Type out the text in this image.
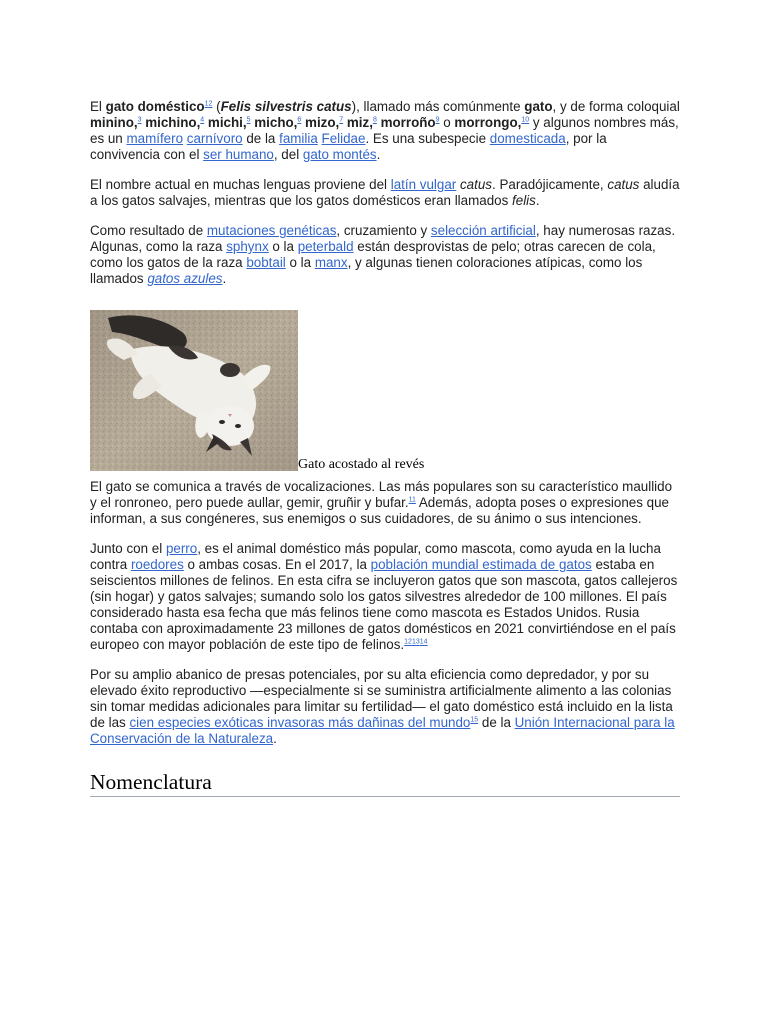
El gato doméstico$^{12}$ (Felis silvestris catus), llamado más comúnmente gato, y de forma coloquial minino,$^3$ michino,$^4$ michi,$^5$ micho,$^6$ mizo,$^7$ miz,$^8$ morroño$^9$ o morrongo,$^{10}$ y algunos nombres más, es un mamífero carnívoro de la familia Felidae. Es una subespecie domesticada, por la convivencia con el ser humano, del gato montés.

El nombre actual en muchas lenguas proviene del latín vulgar catus. Paradójicamente, catus aludía a los gatos salvajes, mientras que los gatos domésticos eran llamados felis.

Como resultado de mutaciones genéticas, cruzamiento y selección artificial, hay numerosas razas. Algunas, como la raza sphynx o la peterbald están desprovistas de pelo; otras carecen de cola, como los gatos de la raza bobtail o la manx, y algunas tienen coloraciones atípicas, como los llamados gatos azules.

Gato acostado al revés

El gato se comunica a través de vocalizaciones. Las más populares son su característico maullido y el ronroneo, pero puede aullar, gemir, gruñir y bufar.$^{11}$ Además, adopta poses o expresiones que informan, a sus congéneres, sus enemigos o sus cuidadores, de su ánimo o sus intenciones.

Junto con el perro, es el animal doméstico más popular, como mascota, como ayuda en la lucha contra roedores o ambas cosas. En el 2017, la población mundial estimada de gatos estaba en seiscientos millones de felinos. En esta cifra se incluyeron gatos que son mascota, gatos callejeros (sin hogar) y gatos salvajes; sumando solo los gatos silvestres alrededor de 100 millones. El país considerado hasta esa fecha que más felinos tiene como mascota es Estados Unidos. Rusia contaba con aproximadamente 23 millones de gatos domésticos en 2021 convirtiéndose en el país europeo con mayor población de este tipo de felinos.$^{121314}$

Por su amplio abanico de presas potenciales, por su alta eficiencia como depredador, y por su elevado éxito reproductivo —especialmente si se suministra artificialmente alimento a las colonias sin tomar medidas adicionales para limitar su fertilidad— el gato doméstico está incluido en la lista de las cien especies exóticas invasoras más dañinas del mundo$^{15}$ de la Unión Internacional para la Conservación de la Naturaleza.

Nomenclatura
